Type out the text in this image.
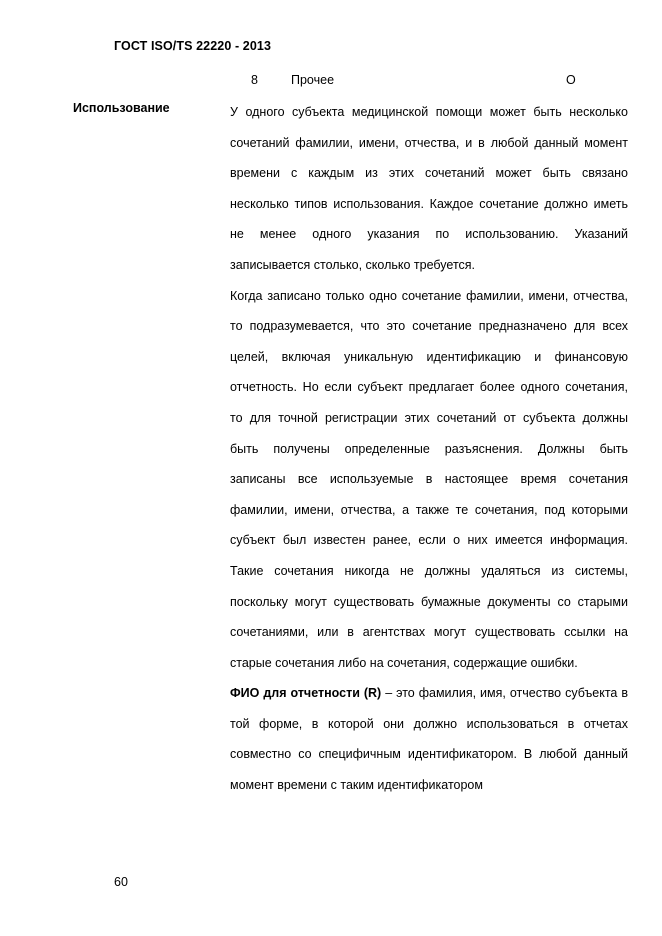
ГОСТ ISO/TS 22220 - 2013
8	Прочее	O
Использование	У одного субъекта медицинской помощи может быть несколько сочетаний фамилии, имени, отчества, и в любой данный момент времени с каждым из этих сочетаний может быть связано несколько типов использования. Каждое сочетание должно иметь не менее одного указания по использованию. Указаний записывается столько, сколько требуется.

Когда записано только одно сочетание фамилии, имени, отчества, то подразумевается, что это сочетание предназначено для всех целей, включая уникальную идентификацию и финансовую отчетность. Но если субъект предлагает более одного сочетания, то для точной регистрации этих сочетаний от субъекта должны быть получены определенные разъяснения. Должны быть записаны все используемые в настоящее время сочетания фамилии, имени, отчества, а также те сочетания, под которыми субъект был известен ранее, если о них имеется информация. Такие сочетания никогда не должны удаляться из системы, поскольку могут существовать бумажные документы со старыми сочетаниями, или в агентствах могут существовать ссылки на старые сочетания либо на сочетания, содержащие ошибки.

ФИО для отчетности (R) – это фамилия, имя, отчество субъекта в той форме, в которой они должно использоваться в отчетах совместно со специфичным идентификатором. В любой данный момент времени с таким идентификатором

60
